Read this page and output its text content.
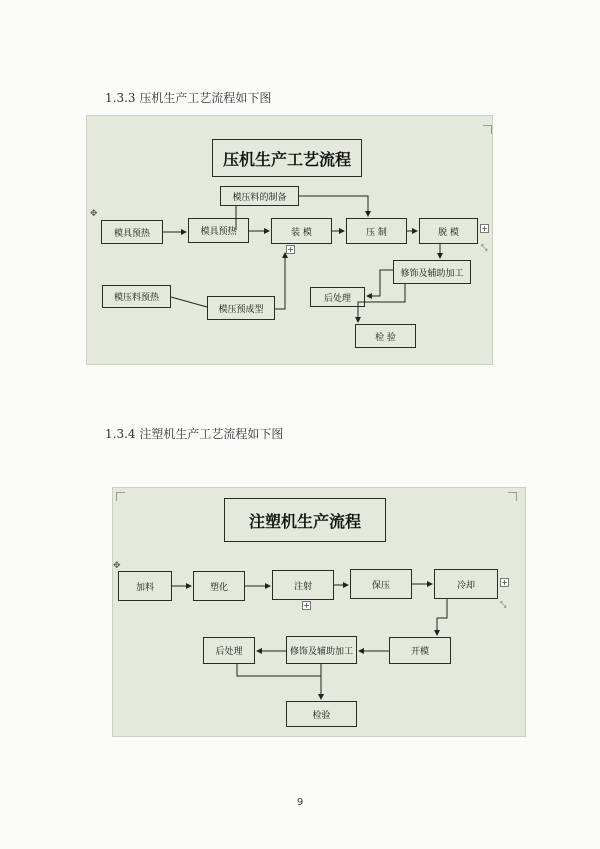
1.3.3 压机生产工艺流程如下图
压机生产工艺流程
模压料的制备
模具预热	模具预热	装 模	压 制	脱 模
模压料预热
模压预成型
修饰及辅助加工
后处理
检 验
✥
+
+
⤡
1.3.4 注塑机生产工艺流程如下图
注塑机生产流程
加料	塑化	注射	保压	冷却
开模
修饰及辅助加工
后处理
检验
✥
+
+
⤡
9
